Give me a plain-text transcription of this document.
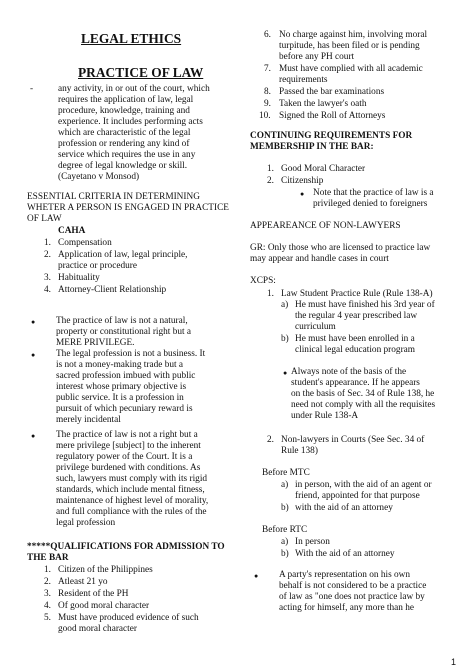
LEGAL ETHICS
PRACTICE OF LAW
-	any activity, in or out of the court, which
requires the application of law, legal
procedure, knowledge, training and
experience. It includes performing acts
which are characteristic of the legal
profession or rendering any kind of
service which requires the use in any
degree of legal knowledge or skill.
(Cayetano v Monsod)
ESSENTIAL CRITERIA IN DETERMINING
WHETER A PERSON IS ENGAGED IN PRACTICE
OF LAW
CAHA
1. Compensation
2. Application of law, legal principle,
practice or procedure
3. Habituality
4. Attorney-Client Relationship
● The practice of law is not a natural,
property or constitutional right but a
MERE PRIVILEGE.
● The legal profession is not a business. It
is not a money-making trade but a
sacred profession imbued with public
interest whose primary objective is
public service. It is a profession in
pursuit of which pecuniary reward is
merely incidental
● The practice of law is not a right but a
mere privilege [subject] to the inherent
regulatory power of the Court. It is a
privilege burdened with conditions. As
such, lawyers must comply with its rigid
standards, which include mental fitness,
maintenance of highest level of morality,
and full compliance with the rules of the
legal profession
*****QUALIFICATIONS FOR ADMISSION TO
THE BAR
1. Citizen of the Philippines
2. Atleast 21 yo
3. Resident of the PH
4. Of good moral character
5. Must have produced evidence of such
good moral character
6. No charge against him, involving moral
turpitude, has been filed or is pending
before any PH court
7. Must have complied with all academic
requirements
8. Passed the bar examinations
9. Taken the lawyer's oath
10. Signed the Roll of Attorneys
CONTINUING REQUIREMENTS FOR
MEMBERSHIP IN THE BAR:
1. Good Moral Character
2. Citizenship
● Note that the practice of law is a
privileged denied to foreigners
APPEAREANCE OF NON-LAWYERS
GR: Only those who are licensed to practice law
may appear and handle cases in court
XCPS:
1. Law Student Practice Rule (Rule 138-A)
a) He must have finished his 3rd year of
the regular 4 year prescribed law
curriculum
b) He must have been enrolled in a
clinical legal education program
● Always note of the basis of the
student's appearance. If he appears
on the basis of Sec. 34 of Rule 138, he
need not comply with all the requisites
under Rule 138-A
2. Non-lawyers in Courts (See Sec. 34 of
Rule 138)
Before MTC
a) in person, with the aid of an agent or
friend, appointed for that purpose
b) with the aid of an attorney
Before RTC
a) In person
b) With the aid of an attorney
● A party's representation on his own
behalf is not considered to be a practice
of law as "one does not practice law by
acting for himself, any more than he
1
